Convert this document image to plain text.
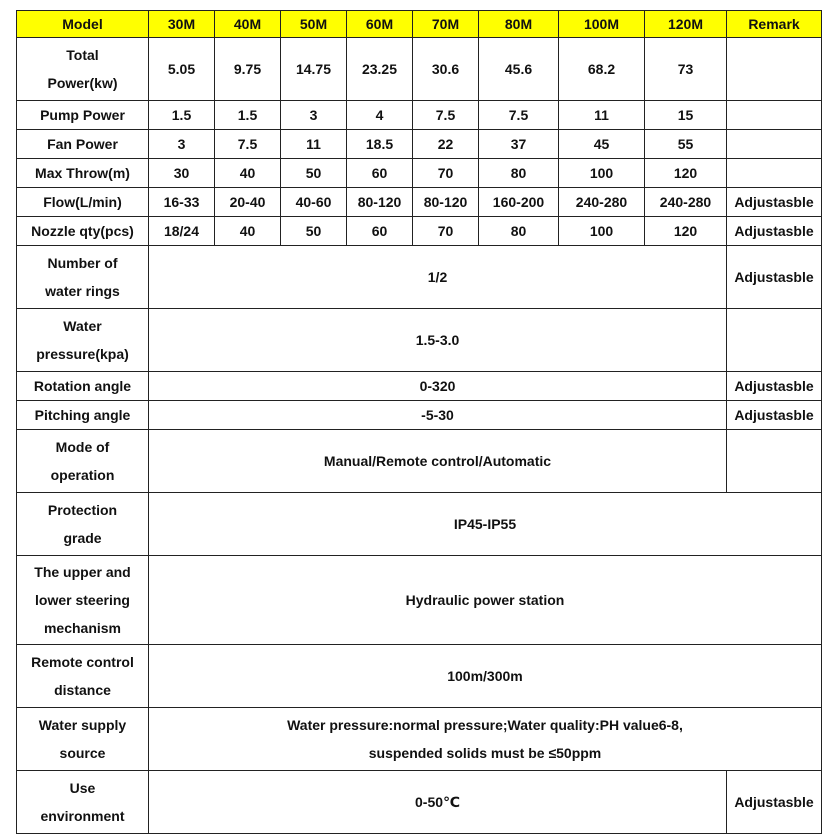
Model	30M	40M	50M	60M	70M	80M	100M	120M	Remark
Total
Power(kw)	5.05	9.75	14.75	23.25	30.6	45.6	68.2	73	
Pump Power	1.5	1.5	3	4	7.5	7.5	11	15	
Fan Power	3	7.5	11	18.5	22	37	45	55	
Max Throw(m)	30	40	50	60	70	80	100	120	
Flow(L/min)	16-33	20-40	40-60	80-120	80-120	160-200	240-280	240-280	Adjustasble
Nozzle qty(pcs)	18/24	40	50	60	70	80	100	120	Adjustasble
Number of
water rings	1/2								Adjustasble
Water
pressure(kpa)	1.5-3.0								
Rotation angle	0-320								Adjustasble
Pitching angle	-5-30								Adjustasble
Mode of
operation	Manual/Remote control/Automatic								
Protection
grade	IP45-IP55								
The upper and
lower steering
mechanism	Hydraulic power station								
Remote control
distance	100m/300m								
Water supply
source	Water pressure:normal pressure;Water quality:PH value6-8,
suspended solids must be ≤50ppm								
Use
environment	0-50℃								Adjustasble
